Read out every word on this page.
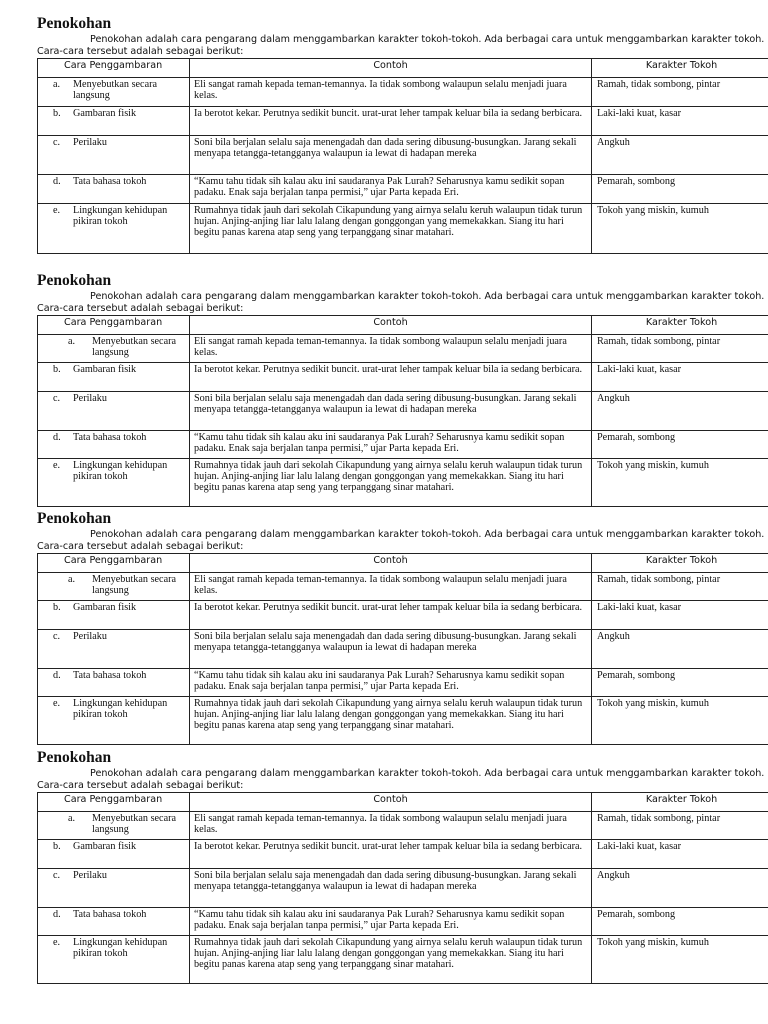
Penokohan

Penokohan adalah cara pengarang dalam menggambarkan karakter tokoh-tokoh. Ada berbagai cara untuk menggambarkan karakter tokoh. Cara-cara tersebut adalah sebagai berikut:

Cara Penggambaran	Contoh	Karakter Tokoh

a. Menyebutkan secara langsung	Eli sangat ramah kepada teman-temannya. Ia tidak sombong walaupun selalu menjadi juara kelas.	Ramah, tidak sombong, pintar

b. Gambaran fisik	Ia berotot kekar. Perutnya sedikit buncit. urat-urat leher tampak keluar bila ia sedang berbicara.	Laki-laki kuat, kasar

c. Perilaku	Soni bila berjalan selalu saja menengadah dan dada sering dibusung-busungkan. Jarang sekali menyapa tetangga-tetangganya walaupun ia lewat di hadapan mereka	Angkuh

d. Tata bahasa tokoh	“Kamu tahu tidak sih kalau aku ini saudaranya Pak Lurah? Seharusnya kamu sedikit sopan padaku. Enak saja berjalan tanpa permisi,” ujar Parta kepada Eri.	Pemarah, sombong

e. Lingkungan kehidupan pikiran tokoh	Rumahnya tidak jauh dari sekolah Cikapundung yang airnya selalu keruh walaupun tidak turun hujan. Anjing-anjing liar lalu lalang dengan gonggongan yang memekakkan. Siang itu hari begitu panas karena atap seng yang terpanggang sinar matahari.	Tokoh yang miskin, kumuh
Penokohan

Penokohan adalah cara pengarang dalam menggambarkan karakter tokoh-tokoh. Ada berbagai cara untuk menggambarkan karakter tokoh. Cara-cara tersebut adalah sebagai berikut:

Cara Penggambaran	Contoh	Karakter Tokoh

a. Menyebutkan secara langsung	Eli sangat ramah kepada teman-temannya. Ia tidak sombong walaupun selalu menjadi juara kelas.	Ramah, tidak sombong, pintar

b. Gambaran fisik	Ia berotot kekar. Perutnya sedikit buncit. urat-urat leher tampak keluar bila ia sedang berbicara.	Laki-laki kuat, kasar

c. Perilaku	Soni bila berjalan selalu saja menengadah dan dada sering dibusung-busungkan. Jarang sekali menyapa tetangga-tetangganya walaupun ia lewat di hadapan mereka	Angkuh

d. Tata bahasa tokoh	“Kamu tahu tidak sih kalau aku ini saudaranya Pak Lurah? Seharusnya kamu sedikit sopan padaku. Enak saja berjalan tanpa permisi,” ujar Parta kepada Eri.	Pemarah, sombong

e. Lingkungan kehidupan pikiran tokoh	Rumahnya tidak jauh dari sekolah Cikapundung yang airnya selalu keruh walaupun tidak turun hujan. Anjing-anjing liar lalu lalang dengan gonggongan yang memekakkan. Siang itu hari begitu panas karena atap seng yang terpanggang sinar matahari.	Tokoh yang miskin, kumuh
Penokohan

Penokohan adalah cara pengarang dalam menggambarkan karakter tokoh-tokoh. Ada berbagai cara untuk menggambarkan karakter tokoh. Cara-cara tersebut adalah sebagai berikut:

Cara Penggambaran	Contoh	Karakter Tokoh

a. Menyebutkan secara langsung	Eli sangat ramah kepada teman-temannya. Ia tidak sombong walaupun selalu menjadi juara kelas.	Ramah, tidak sombong, pintar

b. Gambaran fisik	Ia berotot kekar. Perutnya sedikit buncit. urat-urat leher tampak keluar bila ia sedang berbicara.	Laki-laki kuat, kasar

c. Perilaku	Soni bila berjalan selalu saja menengadah dan dada sering dibusung-busungkan. Jarang sekali menyapa tetangga-tetangganya walaupun ia lewat di hadapan mereka	Angkuh

d. Tata bahasa tokoh	“Kamu tahu tidak sih kalau aku ini saudaranya Pak Lurah? Seharusnya kamu sedikit sopan padaku. Enak saja berjalan tanpa permisi,” ujar Parta kepada Eri.	Pemarah, sombong

e. Lingkungan kehidupan pikiran tokoh	Rumahnya tidak jauh dari sekolah Cikapundung yang airnya selalu keruh walaupun tidak turun hujan. Anjing-anjing liar lalu lalang dengan gonggongan yang memekakkan. Siang itu hari begitu panas karena atap seng yang terpanggang sinar matahari.	Tokoh yang miskin, kumuh
Penokohan

Penokohan adalah cara pengarang dalam menggambarkan karakter tokoh-tokoh. Ada berbagai cara untuk menggambarkan karakter tokoh. Cara-cara tersebut adalah sebagai berikut:

Cara Penggambaran	Contoh	Karakter Tokoh

a. Menyebutkan secara langsung	Eli sangat ramah kepada teman-temannya. Ia tidak sombong walaupun selalu menjadi juara kelas.	Ramah, tidak sombong, pintar

b. Gambaran fisik	Ia berotot kekar. Perutnya sedikit buncit. urat-urat leher tampak keluar bila ia sedang berbicara.	Laki-laki kuat, kasar

c. Perilaku	Soni bila berjalan selalu saja menengadah dan dada sering dibusung-busungkan. Jarang sekali menyapa tetangga-tetangganya walaupun ia lewat di hadapan mereka	Angkuh

d. Tata bahasa tokoh	“Kamu tahu tidak sih kalau aku ini saudaranya Pak Lurah? Seharusnya kamu sedikit sopan padaku. Enak saja berjalan tanpa permisi,” ujar Parta kepada Eri.	Pemarah, sombong

e. Lingkungan kehidupan pikiran tokoh	Rumahnya tidak jauh dari sekolah Cikapundung yang airnya selalu keruh walaupun tidak turun hujan. Anjing-anjing liar lalu lalang dengan gonggongan yang memekakkan. Siang itu hari begitu panas karena atap seng yang terpanggang sinar matahari.	Tokoh yang miskin, kumuh
